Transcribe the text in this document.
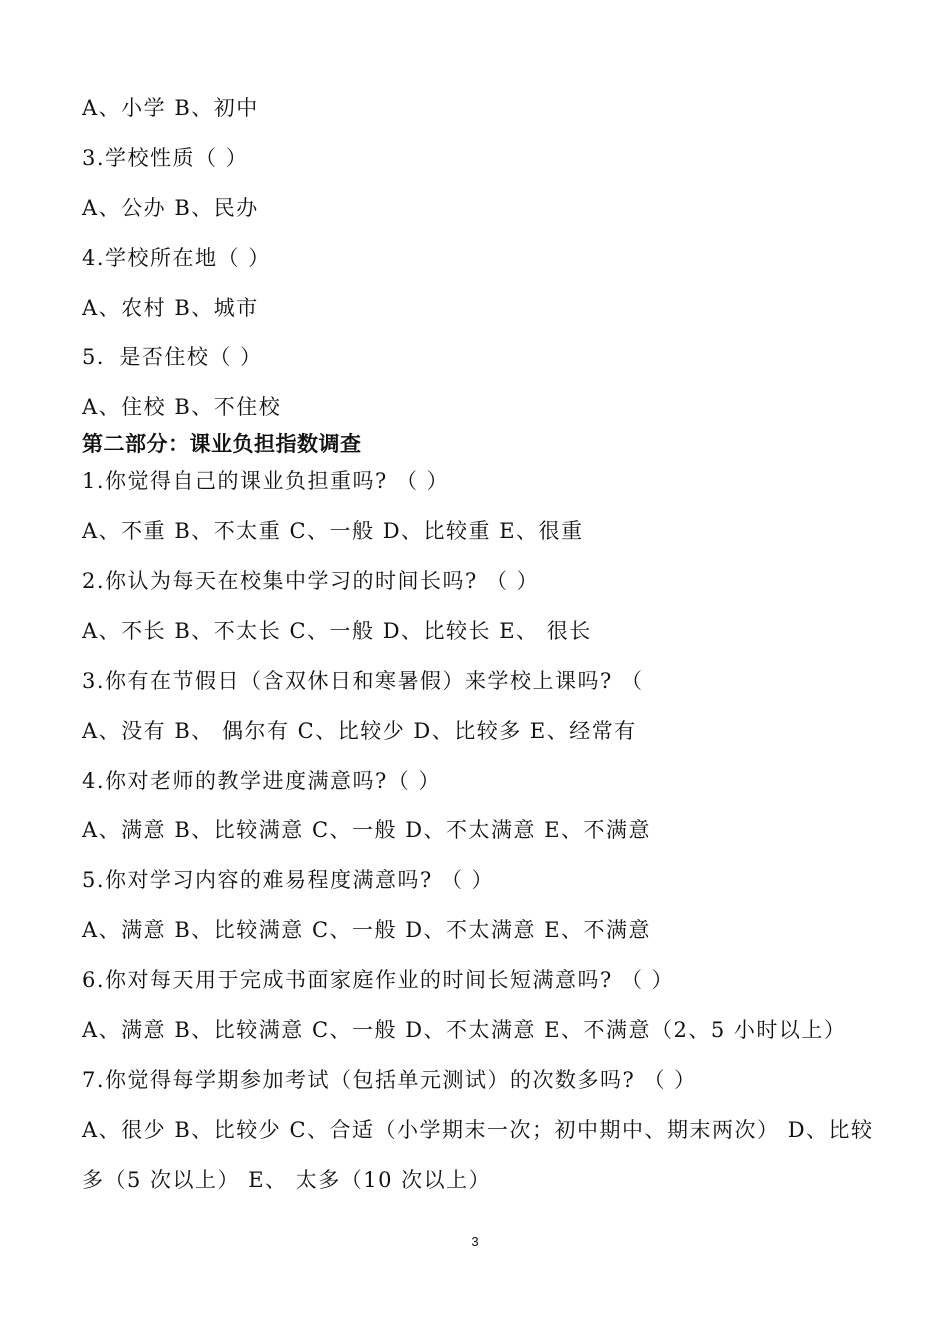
A、小学 B、初中
3.学校性质（ ）
A、公办 B、民办
4.学校所在地（ ）
A、农村 B、城市
5．是否住校（ ）
A、住校 B、不住校
第二部分：课业负担指数调查
1.你觉得自己的课业负担重吗? （ ）
A、不重 B、不太重 C、一般 D、比较重 E、很重
2.你认为每天在校集中学习的时间长吗? （ ）
A、不长 B、不太长 C、一般 D、比较长 E、 很长
3.你有在节假日（含双休日和寒暑假）来学校上课吗? （
A、没有 B、 偶尔有 C、比较少 D、比较多 E、经常有
4.你对老师的教学进度满意吗?（ ）
A、满意 B、比较满意 C、一般 D、不太满意 E、不满意
5.你对学习内容的难易程度满意吗? （ ）
A、满意 B、比较满意 C、一般 D、不太满意 E、不满意
6.你对每天用于完成书面家庭作业的时间长短满意吗? （ ）
A、满意 B、比较满意 C、一般 D、不太满意 E、不满意（2、5 小时以上）
7.你觉得每学期参加考试（包括单元测试）的次数多吗? （ ）
A、很少 B、比较少 C、合适（小学期末一次；初中期中、期末两次） D、比较
多（5 次以上） E、 太多（10 次以上）
3
